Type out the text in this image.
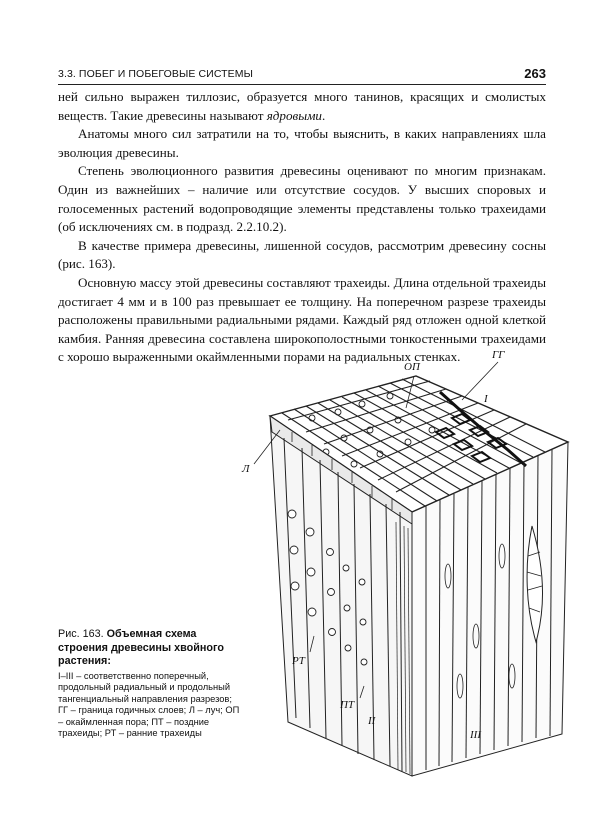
3.3. ПОБЕГ И ПОБЕГОВЫЕ СИСТЕМЫ	263

ней сильно выражен тиллозис, образуется много танинов, красящих и смолистых веществ. Такие древесины называют ядровыми.

Анатомы много сил затратили на то, чтобы выяснить, в каких направлениях шла эволюция древесины.

Степень эволюционного развития древесины оценивают по многим признакам. Один из важнейших – наличие или отсутствие сосудов. У высших споровых и голосеменных растений водопроводящие элементы представлены только трахеидами (об исключениях см. в подразд. 2.2.10.2).

В качестве примера древесины, лишенной сосудов, рассмотрим древесину сосны (рис. 163).

Основную массу этой древесины составляют трахеиды. Длина отдельной трахеиды достигает 4 мм и в 100 раз превышает ее толщину. На поперечном разрезе трахеиды расположены правильными радиальными рядами. Каждый ряд отложен одной клеткой камбия. Ранняя древесина составлена широкополостными тонкостенными трахеидами с хорошо выраженными окаймленными порами на радиальных стенках.

ОП
ГГ
I
Л
РТ
ПТ
II
III

Рис. 163. Объемная схема строения древесины хвойного растения:

I–III – соответственно поперечный, продольный радиальный и продольный тангенциальный направления разрезов; ГГ – граница годичных слоев; Л – луч; ОП – окаймленная пора; ПТ – поздние трахеиды; РТ – ранние трахеиды
